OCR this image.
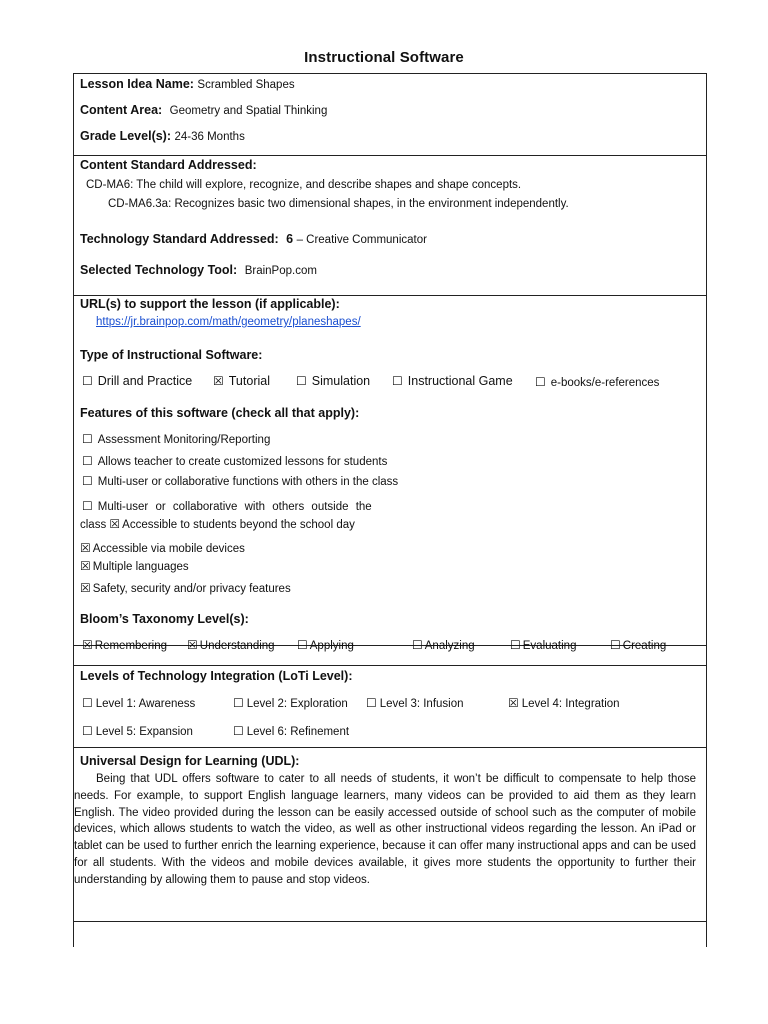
Instructional Software
Lesson Idea Name: Scrambled Shapes
Content Area: Geometry and Spatial Thinking
Grade Level(s): 24-36 Months
Content Standard Addressed:
CD-MA6: The child will explore, recognize, and describe shapes and shape concepts.
CD-MA6.3a: Recognizes basic two dimensional shapes, in the environment independently.
Technology Standard Addressed: 6 – Creative Communicator
Selected Technology Tool: BrainPop.com
URL(s) to support the lesson (if applicable):
https://jr.brainpop.com/math/geometry/planeshapes/
Type of Instructional Software:
☐ Drill and Practice ☒ Tutorial ☐ Simulation ☐ Instructional Game ☐ e-books/e-references
Features of this software (check all that apply):
☐ Assessment Monitoring/Reporting
☐ Allows teacher to create customized lessons for students
☐ Multi-user or collaborative functions with others in the class
☐ Multi-user or collaborative with others outside the
class ☒ Accessible to students beyond the school day
☒ Accessible via mobile devices
☒ Multiple languages
☒ Safety, security and/or privacy features
Bloom’s Taxonomy Level(s):
☒ Remembering ☒ Understanding ☐ Applying	☐ Analyzing	☐ Evaluating	☐ Creating
Levels of Technology Integration (LoTi Level):
☐ Level 1: Awareness	☐ Level 2: Exploration ☐ Level 3: Infusion	☒ Level 4: Integration
☐ Level 5: Expansion	☐ Level 6: Refinement
Universal Design for Learning (UDL):
Being that UDL offers software to cater to all needs of students, it won’t be difficult to compensate to help those needs. For example, to support English language learners, many videos can be provided to aid them as they learn English. The video provided during the lesson can be easily accessed outside of school such as the computer of mobile devices, which allows students to watch the video, as well as other instructional videos regarding the lesson. An iPad or tablet can be used to further enrich the learning experience, because it can offer many instructional apps and can be used for all students. With the videos and mobile devices available, it gives more students the opportunity to further their understanding by allowing them to pause and stop videos.
